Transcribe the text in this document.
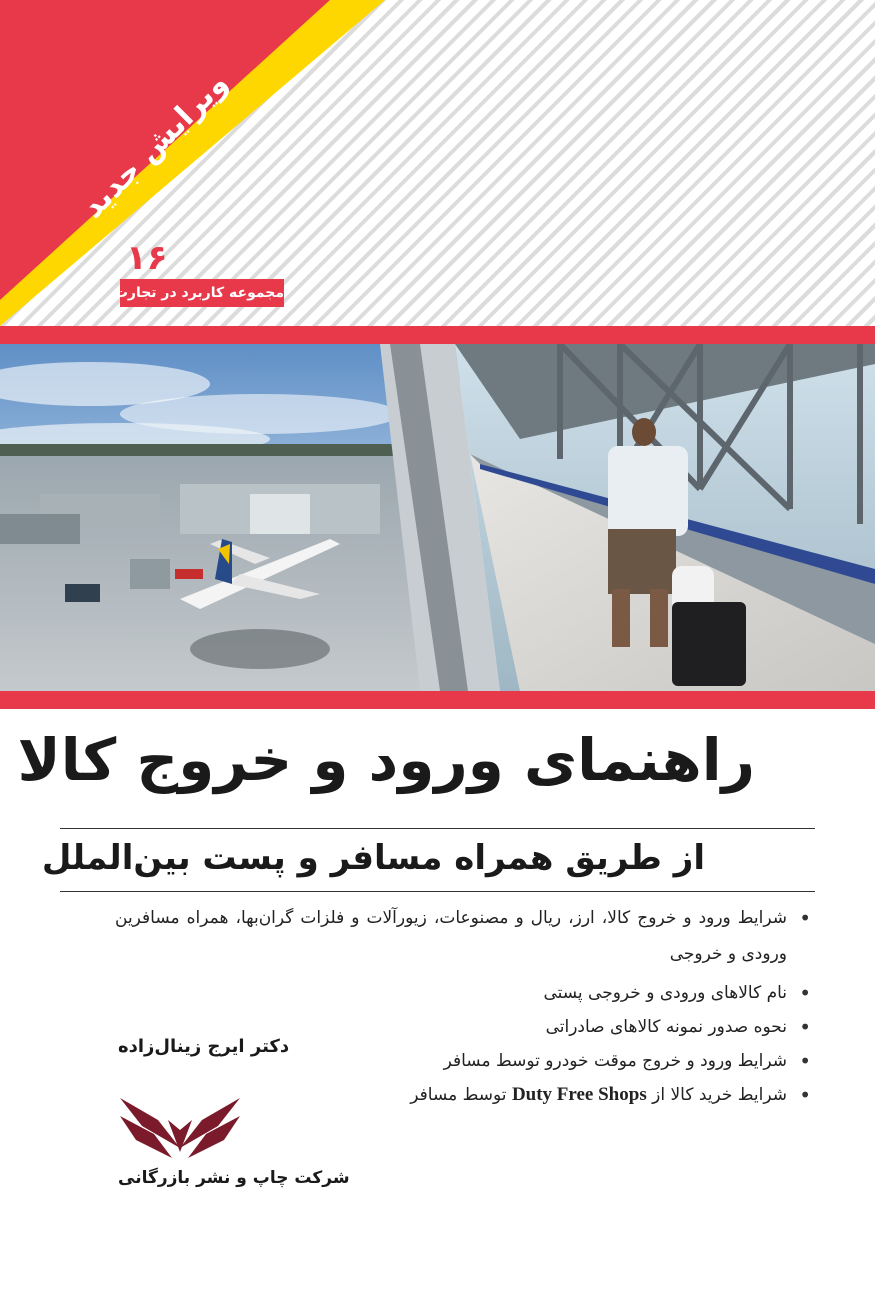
ویرایش جدید
۱۶
مجموعه کاربرد در تجارت
راهنمای ورود و خروج کالا
از طریق همراه مسافر و پست بین‌الملل
• شرایط ورود و خروج کالا، ارز، ریال و مصنوعات، زیورآلات و فلزات گران‌بها، همراه مسافرین ورودی و خروجی
• نام کالاهای ورودی و خروجی پستی
• نحوه صدور نمونه کالاهای صادراتی
• شرایط ورود و خروج موقت خودرو توسط مسافر
• شرایط خرید کالا از Duty Free Shops توسط مسافر
دکتر ایرج زینال‌زاده
شرکت چاپ و نشر بازرگانی
